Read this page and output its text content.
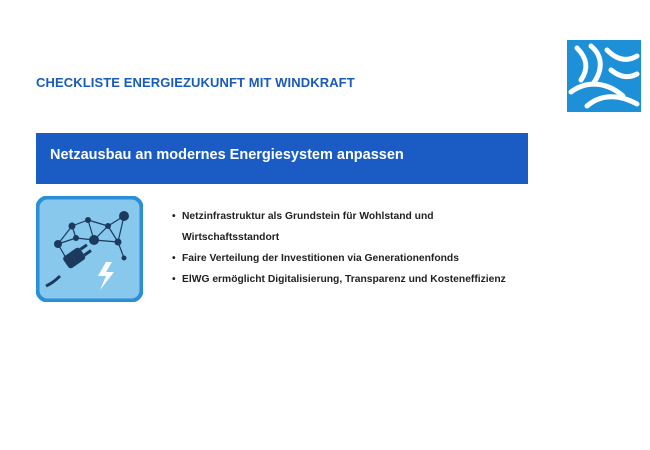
CHECKLISTE ENERGIEZUKUNFT MIT WINDKRAFT
Netzausbau an modernes Energiesystem anpassen
• Netzinfrastruktur als Grundstein für Wohlstand und Wirtschaftsstandort
• Faire Verteilung der Investitionen via Generationenfonds
• ElWG ermöglicht Digitalisierung, Transparenz und Kosteneffizienz
